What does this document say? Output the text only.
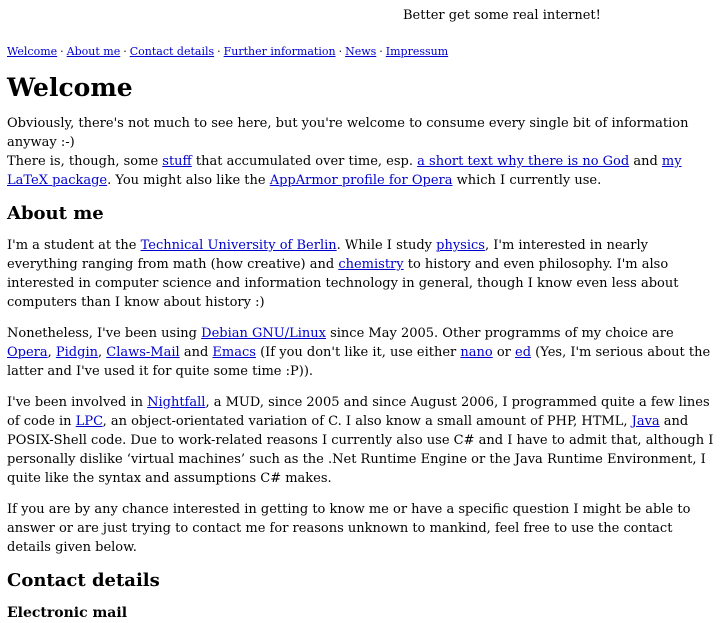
Better get some real internet!
Welcome · About me · Contact details · Further information · News · Impressum
Welcome

Obviously, there's not much to see here, but you're welcome to consume every single bit of information anyway :-)

There is, though, some stuff that accumulated over time, esp. a short text why there is no God and my LaTeX package. You might also like the AppArmor profile for Opera which I currently use.

About me

I'm a student at the Technical University of Berlin. While I study physics, I'm interested in nearly everything ranging from math (how creative) and chemistry to history and even philosophy. I'm also interested in computer science and information technology in general, though I know even less about computers than I know about history :)

Nonetheless, I've been using Debian GNU/Linux since May 2005. Other programms of my choice are Opera, Pidgin, Claws-Mail and Emacs (If you don't like it, use either nano or ed (Yes, I'm serious about the latter and I've used it for quite some time :P)).

I've been involved in Nightfall, a MUD, since 2005 and since August 2006, I programmed quite a few lines of code in LPC, an object-orientated variation of C. I also know a small amount of PHP, HTML, Java and POSIX-Shell code. Due to work-related reasons I currently also use C# and I have to admit that, although I personally dislike ‘virtual machines’ such as the .Net Runtime Engine or the Java Runtime Environment, I quite like the syntax and assumptions C# makes.

If you are by any chance interested in getting to know me or have a specific question I might be able to answer or are just trying to contact me for reasons unknown to mankind, feel free to use the contact details given below.

Contact details
Electronic mail
